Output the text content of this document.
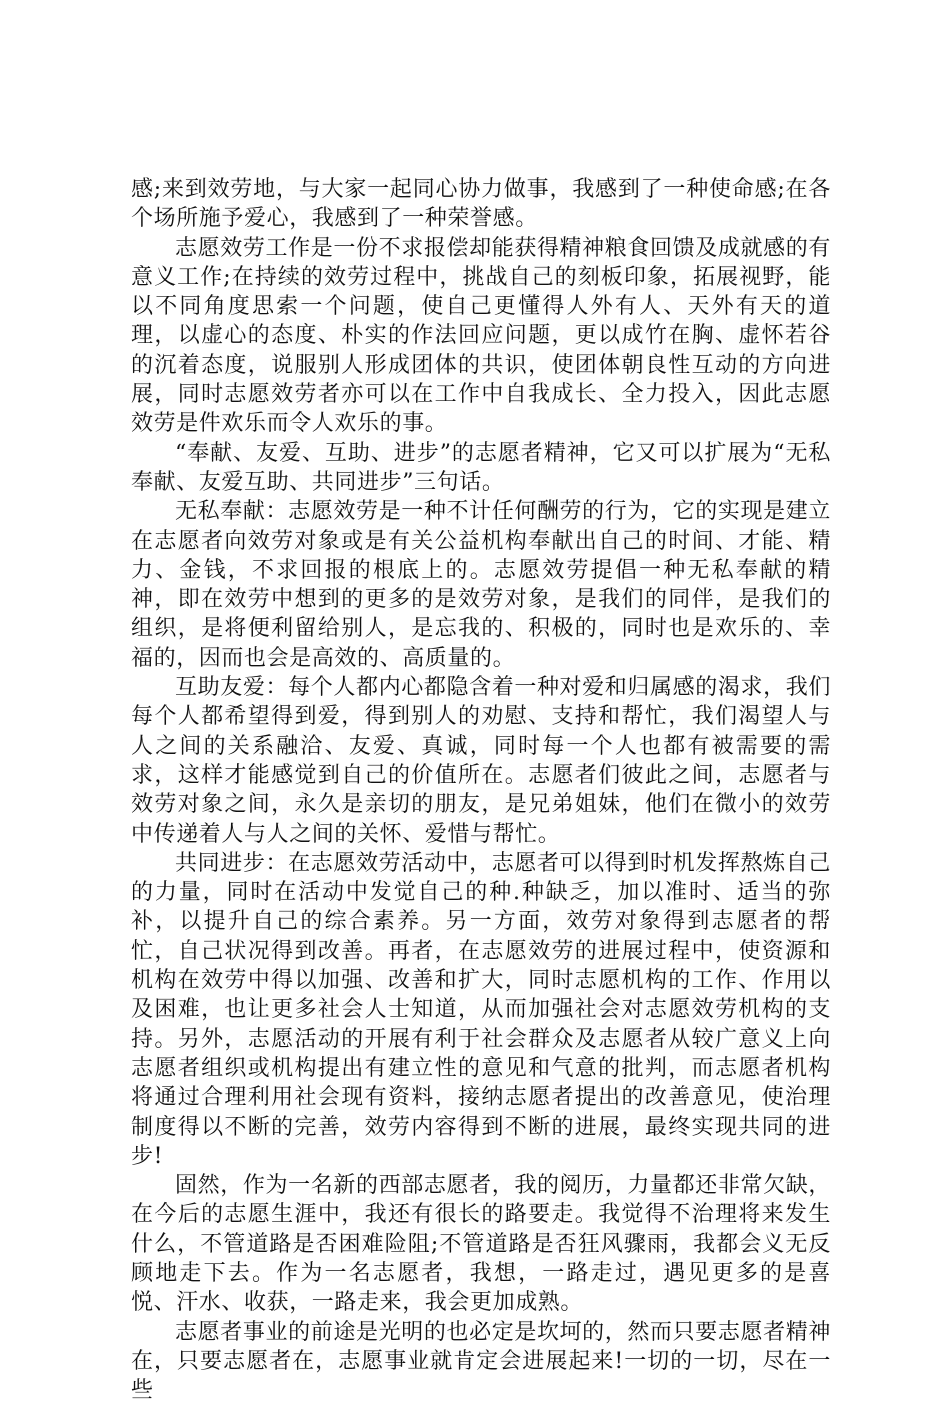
感;来到效劳地，与大家一起同心协力做事，我感到了一种使命感;在各个场所施予爱心，我感到了一种荣誉感。

志愿效劳工作是一份不求报偿却能获得精神粮食回馈及成就感的有意义工作;在持续的效劳过程中，挑战自己的刻板印象，拓展视野，能以不同角度思索一个问题，使自己更懂得人外有人、天外有天的道理，以虚心的态度、朴实的作法回应问题，更以成竹在胸、虚怀若谷的沉着态度，说服别人形成团体的共识，使团体朝良性互动的方向进展，同时志愿效劳者亦可以在工作中自我成长、全力投入，因此志愿效劳是件欢乐而令人欢乐的事。

“奉献、友爱、互助、进步”的志愿者精神，它又可以扩展为“无私奉献、友爱互助、共同进步”三句话。

无私奉献：志愿效劳是一种不计任何酬劳的行为，它的实现是建立在志愿者向效劳对象或是有关公益机构奉献出自己的时间、才能、精力、金钱，不求回报的根底上的。志愿效劳提倡一种无私奉献的精神，即在效劳中想到的更多的是效劳对象，是我们的同伴，是我们的组织，是将便利留给别人，是忘我的、积极的，同时也是欢乐的、幸福的，因而也会是高效的、高质量的。

互助友爱：每个人都内心都隐含着一种对爱和归属感的渴求，我们每个人都希望得到爱，得到别人的劝慰、支持和帮忙，我们渴望人与人之间的关系融洽、友爱、真诚，同时每一个人也都有被需要的需求，这样才能感觉到自己的价值所在。志愿者们彼此之间，志愿者与效劳对象之间，永久是亲切的朋友，是兄弟姐妹，他们在微小的效劳中传递着人与人之间的关怀、爱惜与帮忙。

共同进步：在志愿效劳活动中，志愿者可以得到时机发挥熬炼自己的力量，同时在活动中发觉自己的种.种缺乏，加以准时、适当的弥补，以提升自己的综合素养。另一方面，效劳对象得到志愿者的帮忙，自己状况得到改善。再者，在志愿效劳的进展过程中，使资源和机构在效劳中得以加强、改善和扩大，同时志愿机构的工作、作用以及困难，也让更多社会人士知道，从而加强社会对志愿效劳机构的支持。另外，志愿活动的开展有利于社会群众及志愿者从较广意义上向志愿者组织或机构提出有建立性的意见和气意的批判，而志愿者机构将通过合理利用社会现有资料，接纳志愿者提出的改善意见，使治理制度得以不断的完善，效劳内容得到不断的进展，最终实现共同的进步!

固然，作为一名新的西部志愿者，我的阅历，力量都还非常欠缺，在今后的志愿生涯中，我还有很长的路要走。我觉得不治理将来发生什么，不管道路是否困难险阻;不管道路是否狂风骤雨，我都会义无反顾地走下去。作为一名志愿者，我想，一路走过，遇见更多的是喜悦、汗水、收获，一路走来，我会更加成熟。

志愿者事业的前途是光明的也必定是坎坷的，然而只要志愿者精神在，只要志愿者在，志愿事业就肯定会进展起来!一切的一切，尽在一些
